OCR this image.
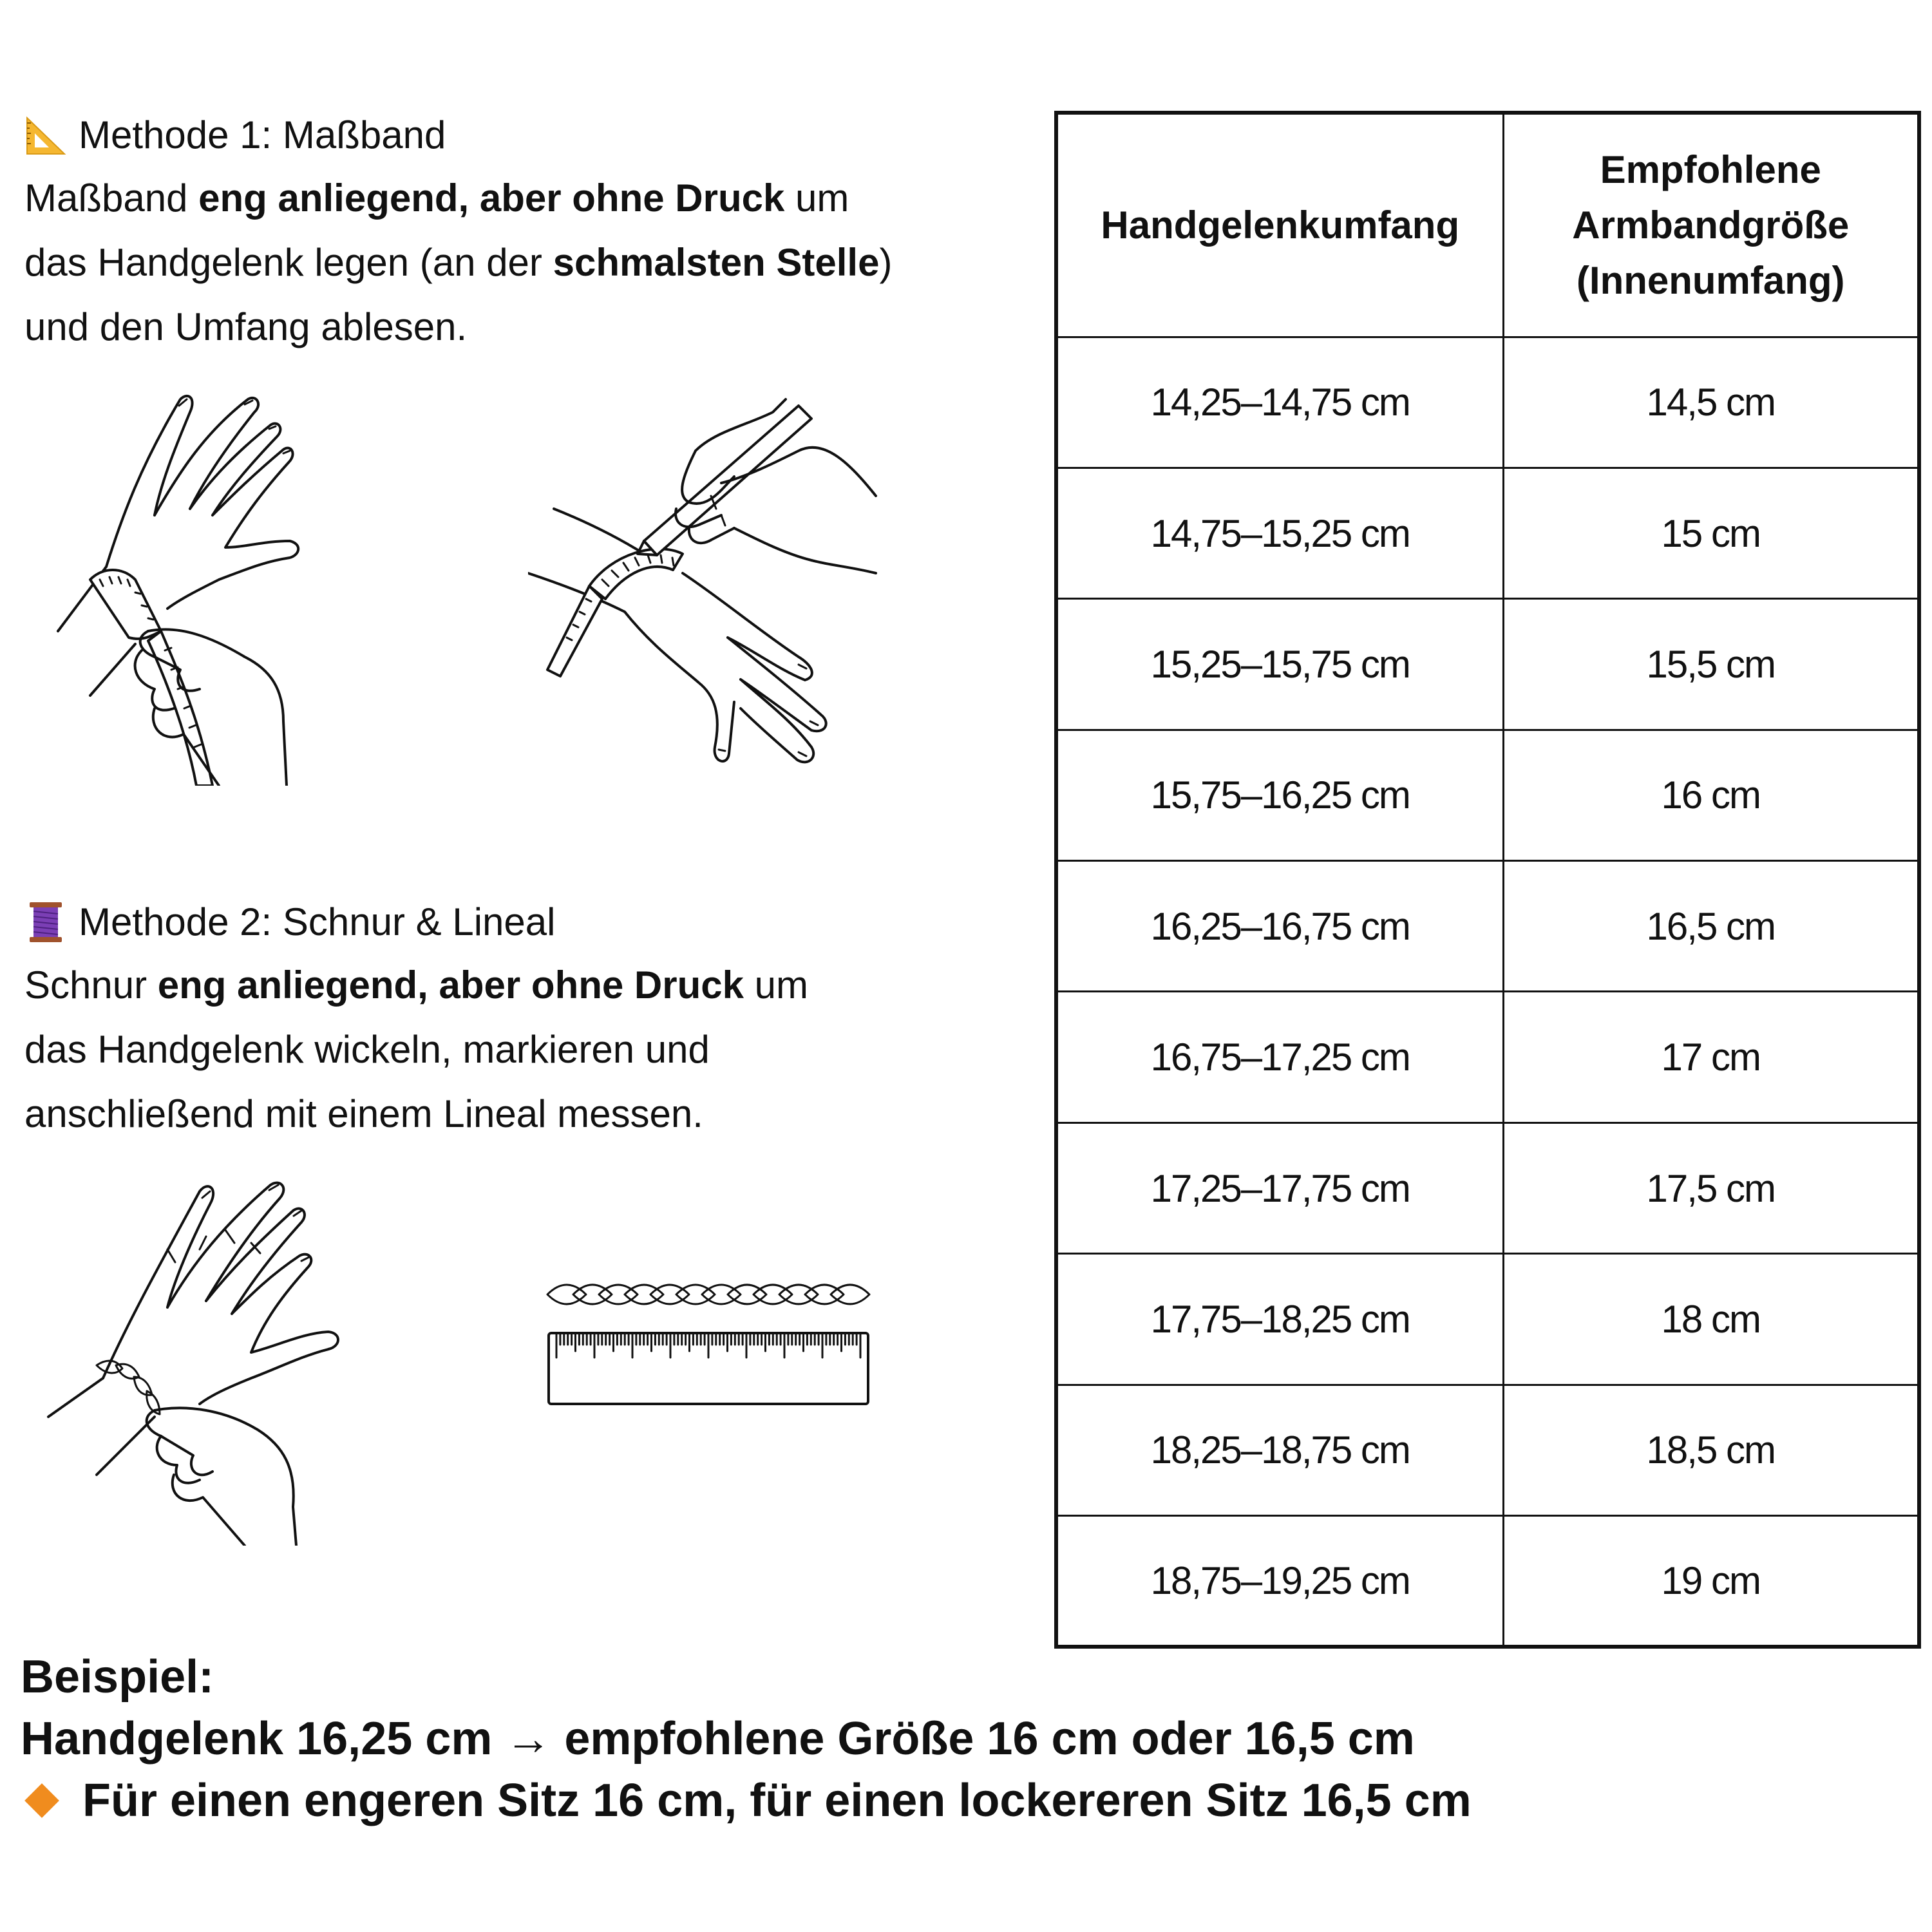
Methode 1: Maßband
Maßband eng anliegend, aber ohne Druck um
das Handgelenk legen (an der schmalsten Stelle)
und den Umfang ablesen.
Methode 2: Schnur & Lineal
Schnur eng anliegend, aber ohne Druck um
das Handgelenk wickeln, markieren und
anschließend mit einem Lineal messen.
Handgelenkumfang	Empfohlene
Armbandgröße
(Innenumfang)

14,25–14,75 cm	14,5 cm
14,75–15,25 cm	15 cm
15,25–15,75 cm	15,5 cm
15,75–16,25 cm	16 cm
16,25–16,75 cm	16,5 cm
16,75–17,25 cm	17 cm
17,25–17,75 cm	17,5 cm
17,75–18,25 cm	18 cm
18,25–18,75 cm	18,5 cm
18,75–19,25 cm	19 cm
Beispiel:
Handgelenk 16,25 cm → empfohlene Größe 16 cm oder 16,5 cm
Für einen engeren Sitz 16 cm, für einen lockereren Sitz 16,5 cm
